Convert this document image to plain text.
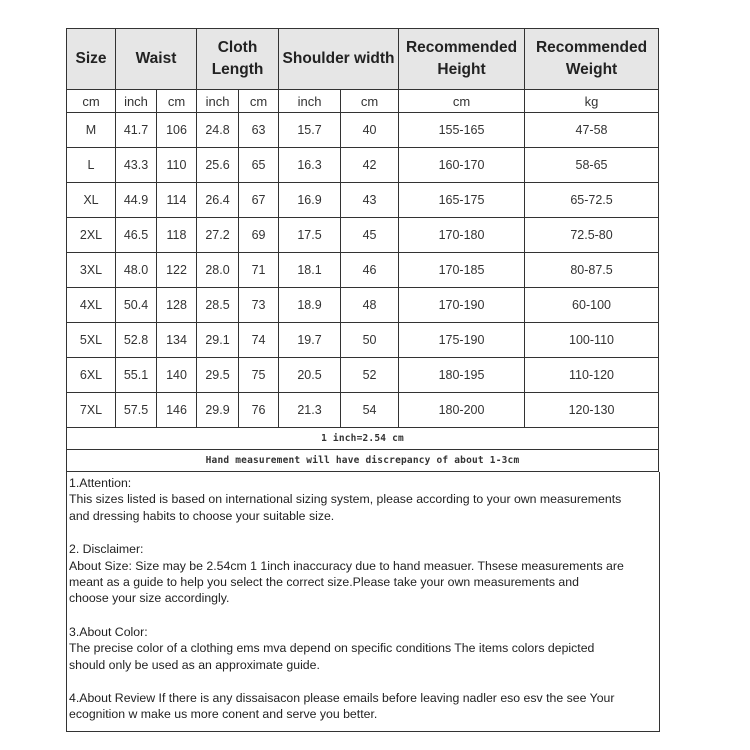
Size	Waist		Cloth Length		Shoulder width		Recommended Height	Recommended Weight
cm	inch	cm	inch	cm	inch	cm	cm	kg
M	41.7	106	24.8	63	15.7	40	155-165	47-58
L	43.3	110	25.6	65	16.3	42	160-170	58-65
XL	44.9	114	26.4	67	16.9	43	165-175	65-72.5
2XL	46.5	118	27.2	69	17.5	45	170-180	72.5-80
3XL	48.0	122	28.0	71	18.1	46	170-185	80-87.5
4XL	50.4	128	28.5	73	18.9	48	170-190	60-100
5XL	52.8	134	29.1	74	19.7	50	175-190	100-110
6XL	55.1	140	29.5	75	20.5	52	180-195	110-120
7XL	57.5	146	29.9	76	21.3	54	180-200	120-130
1 inch=2.54 cm								
Hand measurement will have discrepancy of about 1-3cm								
1.Attention:
This sizes listed is based on international sizing system, please according to your own measurements
and dressing habits to choose your suitable size.
2. Disclaimer:
About Size: Size may be 2.54cm 1 1inch inaccuracy due to hand measuer. Thsese measurements are
meant as a guide to help you select the correct size.Please take your own measurements and
choose your size accordingly.
3.About Color:
The precise color of a clothing ems mva depend on specific conditions The items colors depicted
should only be used as an approximate guide.
4.About Review If there is any dissaisacon please emails before leaving nadler eso esv the see Your
ecognition w make us more conent and serve you better.
